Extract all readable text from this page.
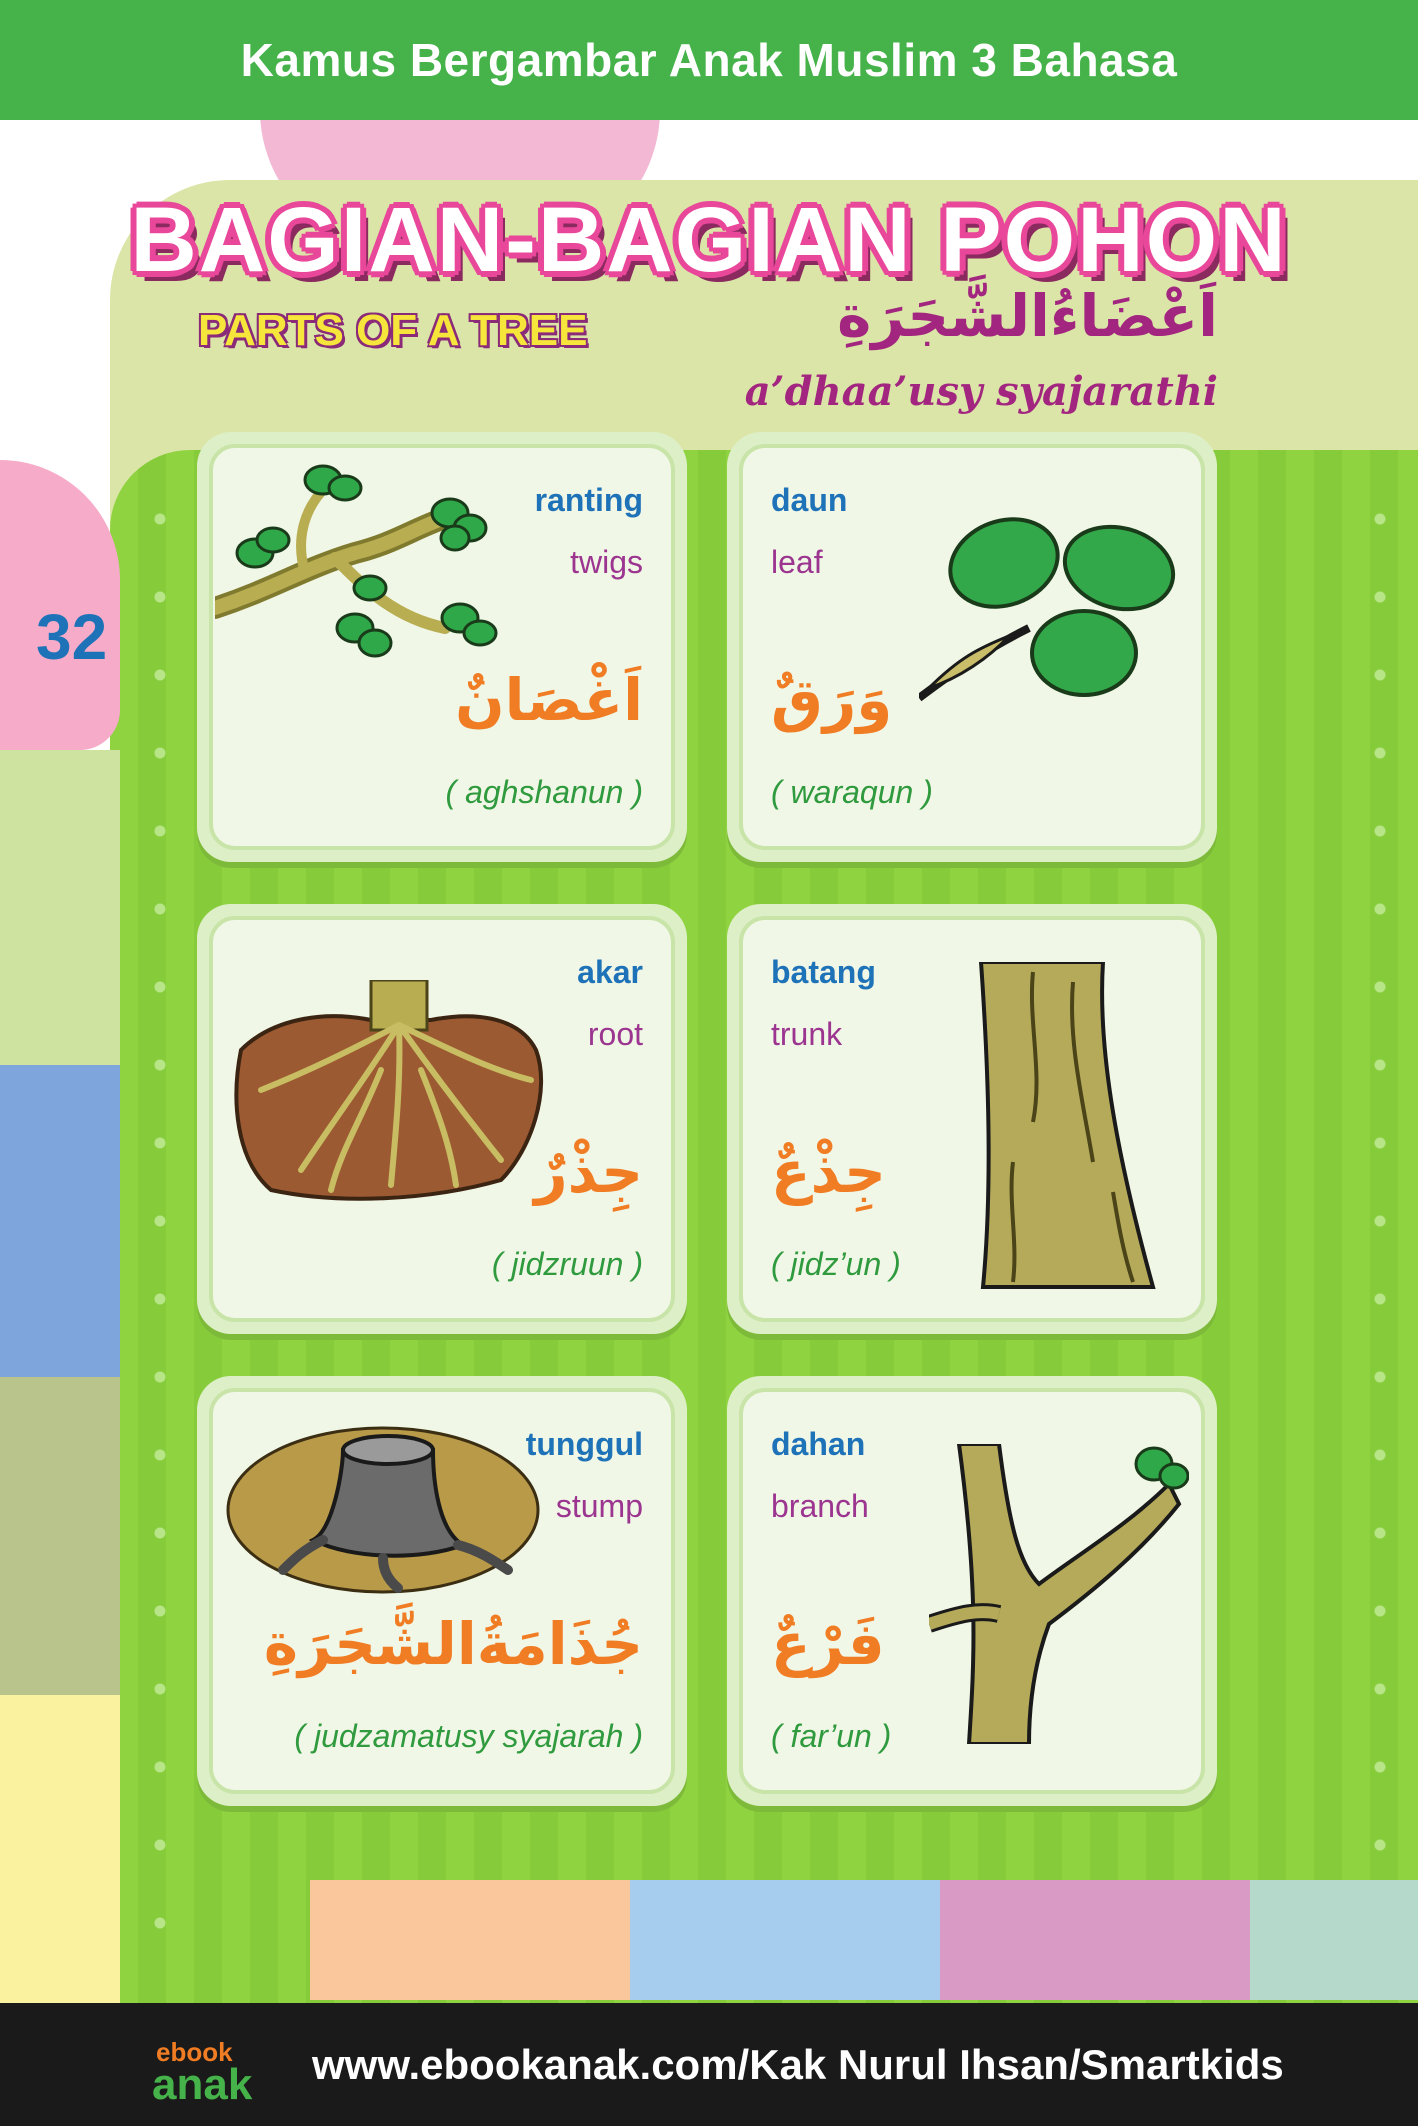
Kamus Bergambar Anak Muslim 3 Bahasa
32
BAGIAN-BAGIAN POHON
PARTS OF A TREE	اَعْضَاءُالشَّجَرَةِ
a’dhaa’usy syajarathi
ranting
twigs
اَغْصَانٌ
( aghshanun )
daun
leaf
وَرَقٌ
( waraqun )
akar
root
جِذْرٌ
( jidzruun )
batang
trunk
جِذْعٌ
( jidz’un )
tunggul
stump
جُذَامَةُالشَّجَرَةِ
( judzamatusy syajarah )
dahan
branch
فَرْعٌ
( far’un )
ebook
anak www.ebookanak.com/Kak Nurul Ihsan/Smartkids
